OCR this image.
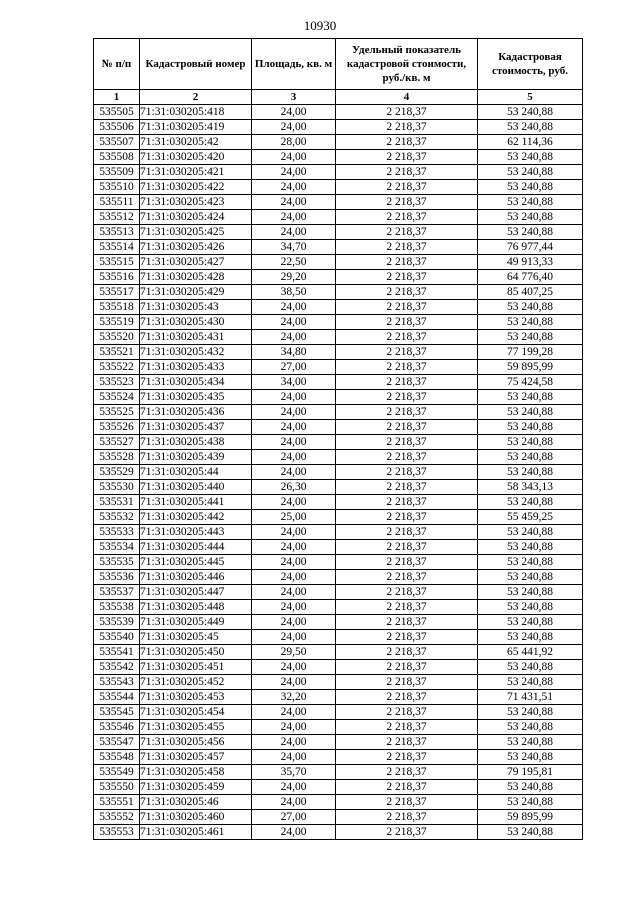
10930
№ п/п	Кадастровый номер	Площадь, кв. м	Удельный показатель кадастровой стоимости, руб./кв. м	Кадастровая стоимость, руб.
1	2	3	4	5
535505	71:31:030205:418	24,00	2 218,37	53 240,88
535506	71:31:030205:419	24,00	2 218,37	53 240,88
535507	71:31:030205:42	28,00	2 218,37	62 114,36
535508	71:31:030205:420	24,00	2 218,37	53 240,88
535509	71:31:030205:421	24,00	2 218,37	53 240,88
535510	71:31:030205:422	24,00	2 218,37	53 240,88
535511	71:31:030205:423	24,00	2 218,37	53 240,88
535512	71:31:030205:424	24,00	2 218,37	53 240,88
535513	71:31:030205:425	24,00	2 218,37	53 240,88
535514	71:31:030205:426	34,70	2 218,37	76 977,44
535515	71:31:030205:427	22,50	2 218,37	49 913,33
535516	71:31:030205:428	29,20	2 218,37	64 776,40
535517	71:31:030205:429	38,50	2 218,37	85 407,25
535518	71:31:030205:43	24,00	2 218,37	53 240,88
535519	71:31:030205:430	24,00	2 218,37	53 240,88
535520	71:31:030205:431	24,00	2 218,37	53 240,88
535521	71:31:030205:432	34,80	2 218,37	77 199,28
535522	71:31:030205:433	27,00	2 218,37	59 895,99
535523	71:31:030205:434	34,00	2 218,37	75 424,58
535524	71:31:030205:435	24,00	2 218,37	53 240,88
535525	71:31:030205:436	24,00	2 218,37	53 240,88
535526	71:31:030205:437	24,00	2 218,37	53 240,88
535527	71:31:030205:438	24,00	2 218,37	53 240,88
535528	71:31:030205:439	24,00	2 218,37	53 240,88
535529	71:31:030205:44	24,00	2 218,37	53 240,88
535530	71:31:030205:440	26,30	2 218,37	58 343,13
535531	71:31:030205:441	24,00	2 218,37	53 240,88
535532	71:31:030205:442	25,00	2 218,37	55 459,25
535533	71:31:030205:443	24,00	2 218,37	53 240,88
535534	71:31:030205:444	24,00	2 218,37	53 240,88
535535	71:31:030205:445	24,00	2 218,37	53 240,88
535536	71:31:030205:446	24,00	2 218,37	53 240,88
535537	71:31:030205:447	24,00	2 218,37	53 240,88
535538	71:31:030205:448	24,00	2 218,37	53 240,88
535539	71:31:030205:449	24,00	2 218,37	53 240,88
535540	71:31:030205:45	24,00	2 218,37	53 240,88
535541	71:31:030205:450	29,50	2 218,37	65 441,92
535542	71:31:030205:451	24,00	2 218,37	53 240,88
535543	71:31:030205:452	24,00	2 218,37	53 240,88
535544	71:31:030205:453	32,20	2 218,37	71 431,51
535545	71:31:030205:454	24,00	2 218,37	53 240,88
535546	71:31:030205:455	24,00	2 218,37	53 240,88
535547	71:31:030205:456	24,00	2 218,37	53 240,88
535548	71:31:030205:457	24,00	2 218,37	53 240,88
535549	71:31:030205:458	35,70	2 218,37	79 195,81
535550	71:31:030205:459	24,00	2 218,37	53 240,88
535551	71:31:030205:46	24,00	2 218,37	53 240,88
535552	71:31:030205:460	27,00	2 218,37	59 895,99
535553	71:31:030205:461	24,00	2 218,37	53 240,88
